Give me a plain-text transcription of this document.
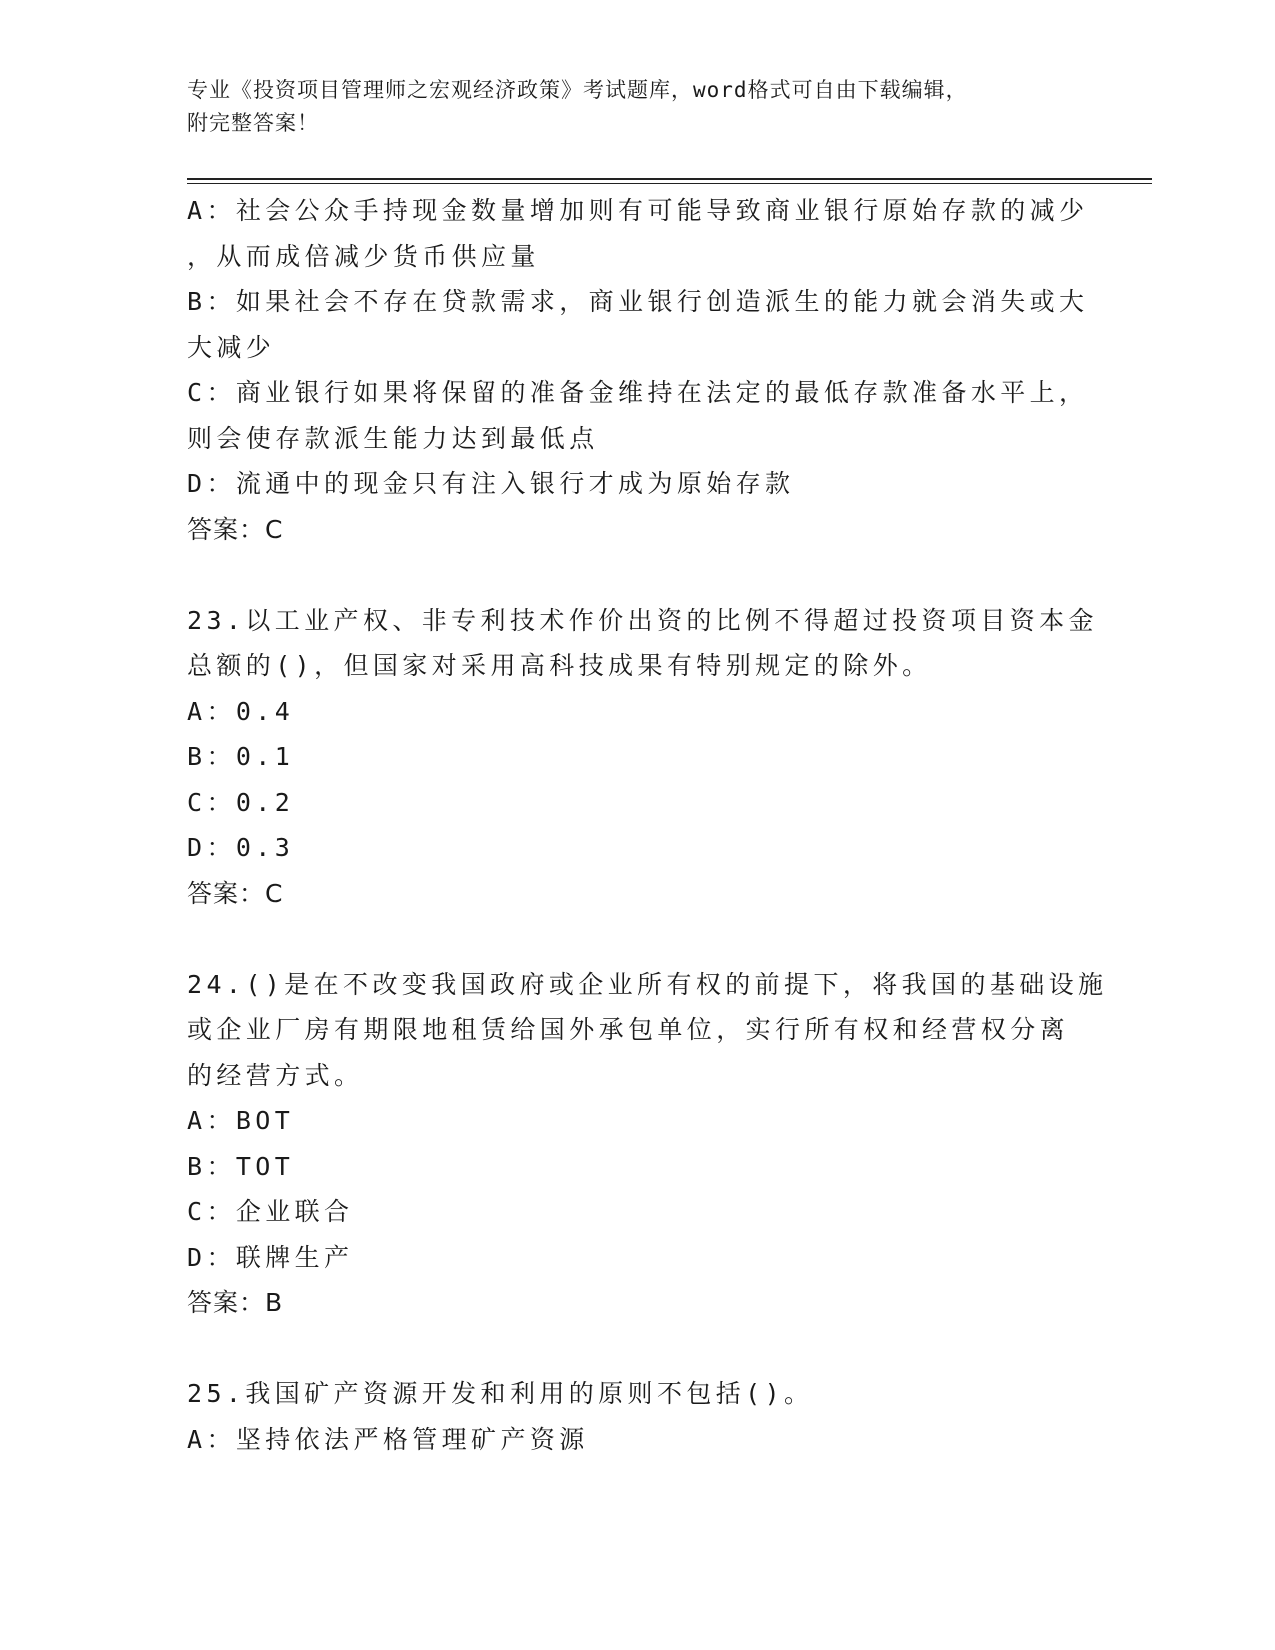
专业《投资项目管理师之宏观经济政策》考试题库，word格式可自由下载编辑，
附完整答案！
A：社会公众手持现金数量增加则有可能导致商业银行原始存款的减少
，从而成倍减少货币供应量
B：如果社会不存在贷款需求，商业银行创造派生的能力就会消失或大
大减少
C：商业银行如果将保留的准备金维持在法定的最低存款准备水平上，
则会使存款派生能力达到最低点
D：流通中的现金只有注入银行才成为原始存款
答案：C
23.以工业产权、非专利技术作价出资的比例不得超过投资项目资本金
总额的()，但国家对采用高科技成果有特别规定的除外。
A：0.4
B：0.1
C：0.2
D：0.3
答案：C
24.()是在不改变我国政府或企业所有权的前提下，将我国的基础设施
或企业厂房有期限地租赁给国外承包单位，实行所有权和经营权分离
的经营方式。
A：BOT
B：TOT
C：企业联合
D：联牌生产
答案：B
25.我国矿产资源开发和利用的原则不包括()。
A：坚持依法严格管理矿产资源
